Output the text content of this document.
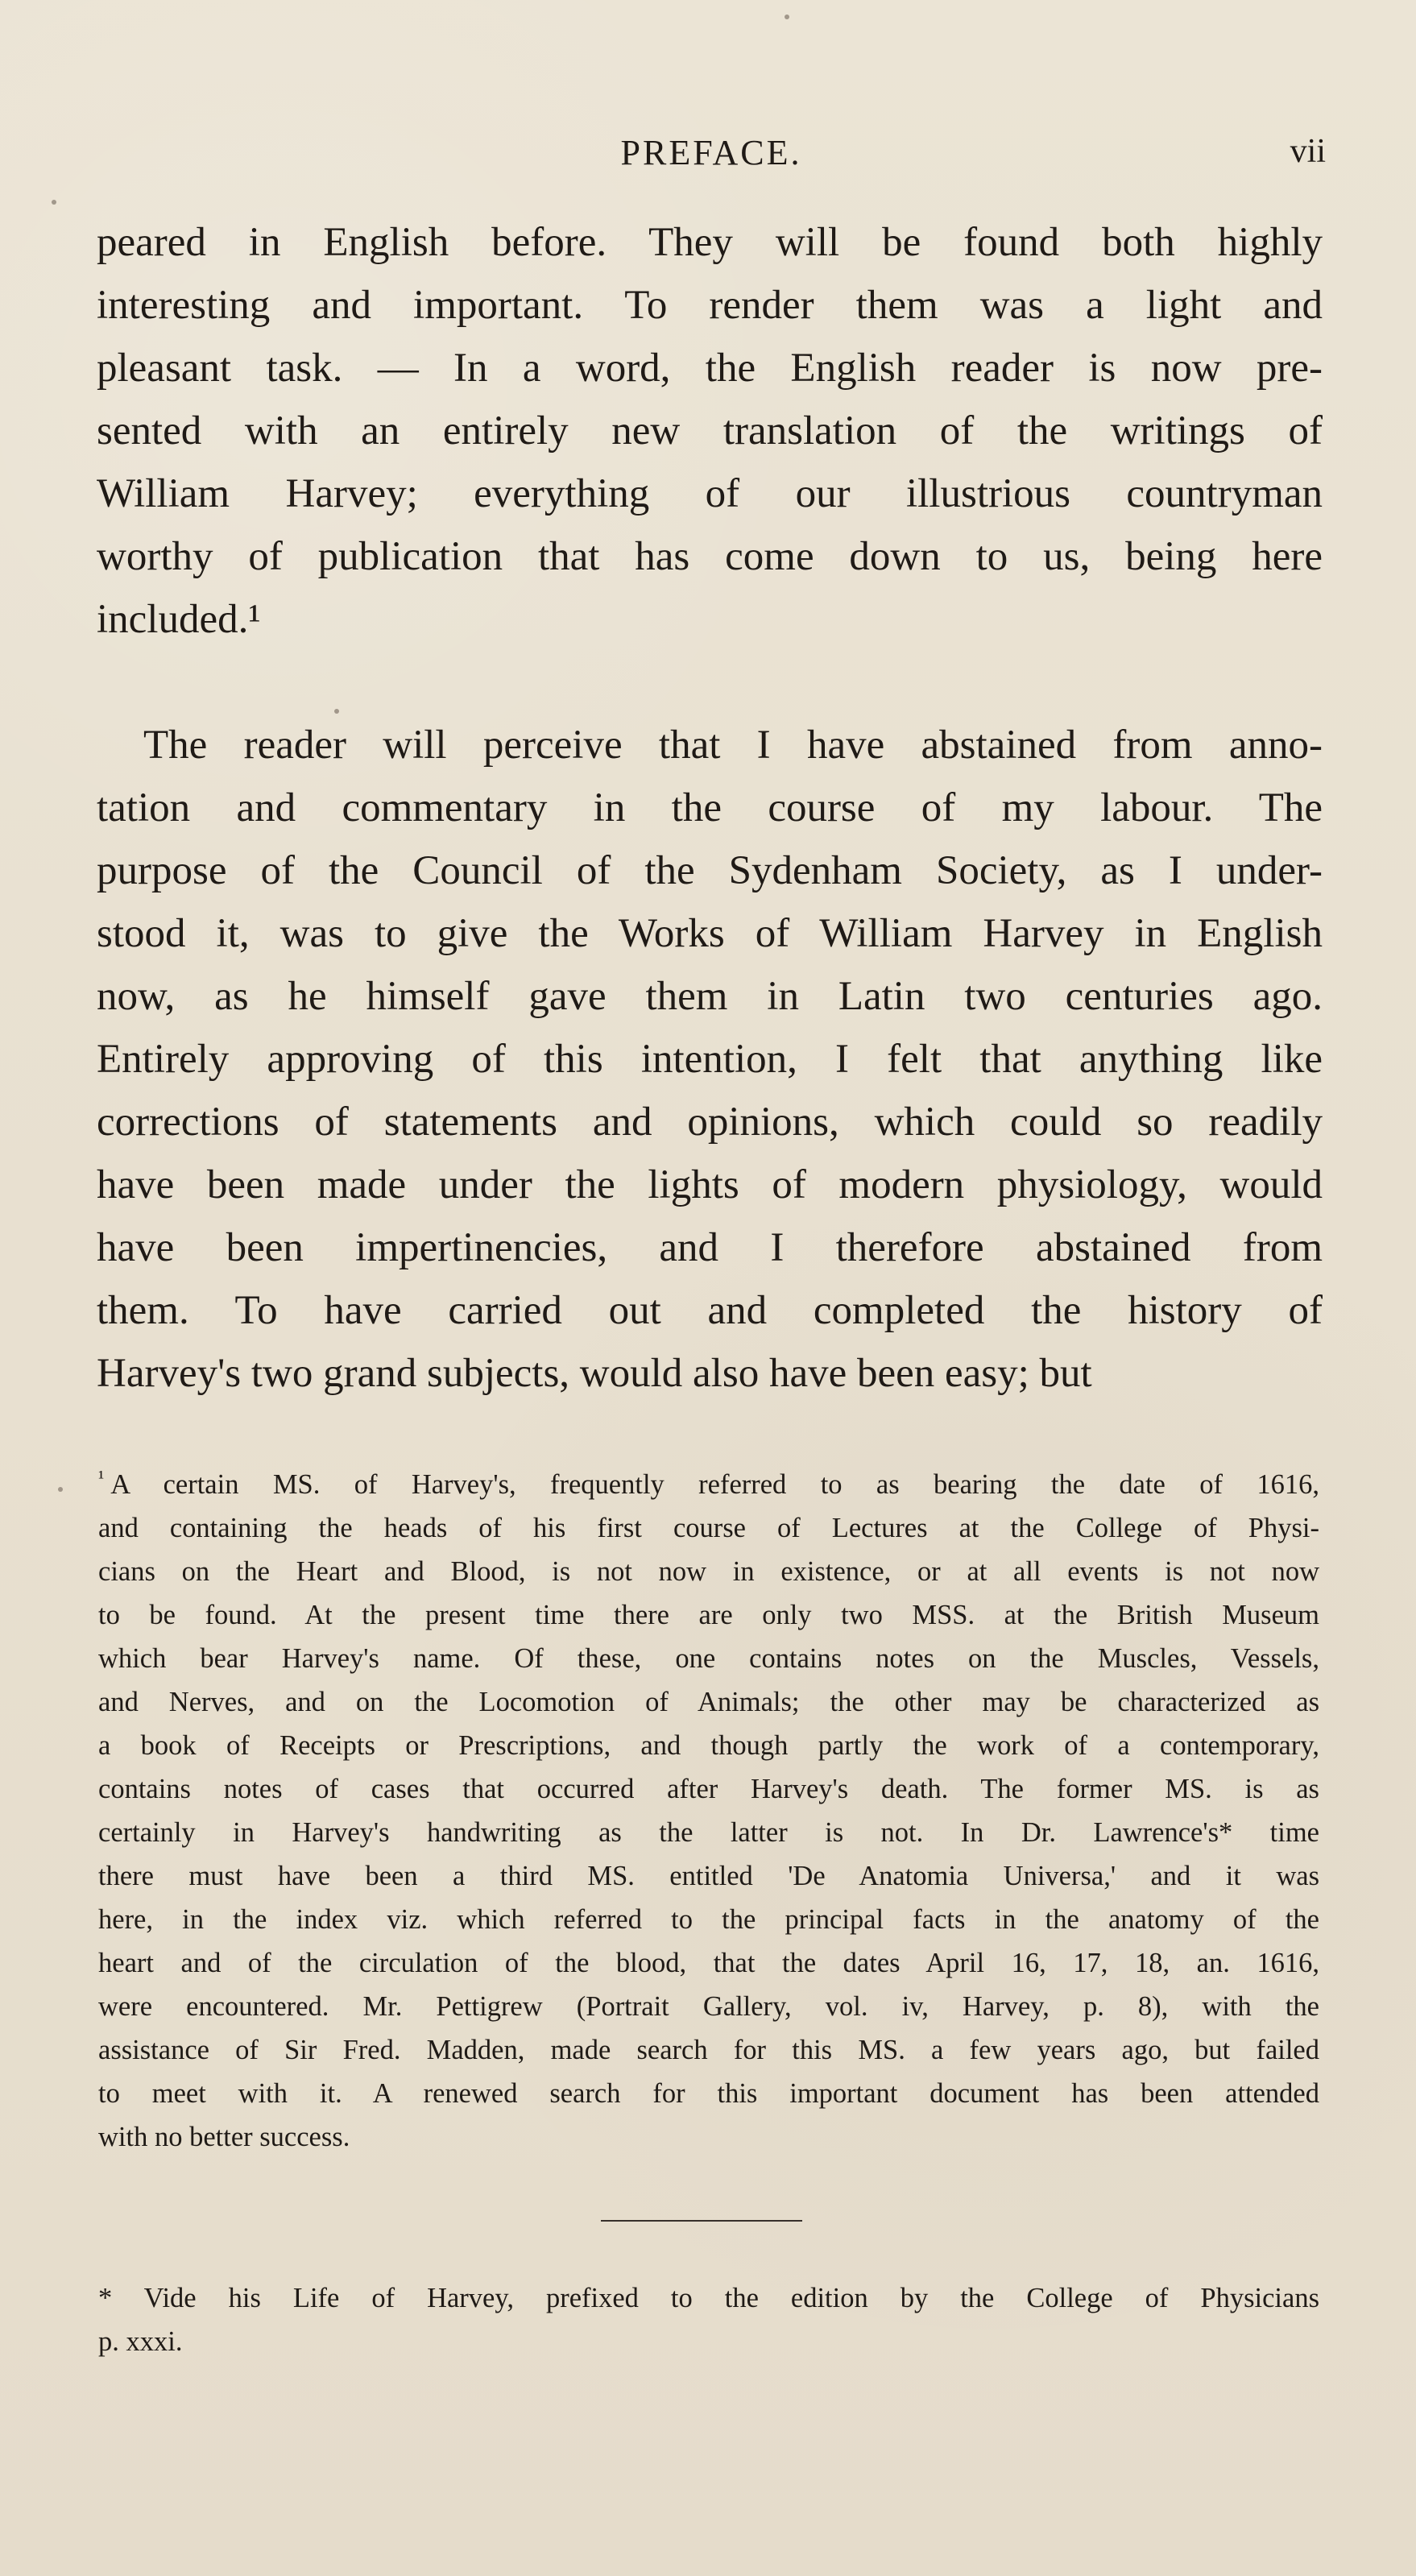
PREFACE.	vii
peared in English before. They will be found both highly
interesting and important. To render them was a light and
pleasant task. — In a word, the English reader is now pre-
sented with an entirely new translation of the writings of
William Harvey; everything of our illustrious countryman
worthy of publication that has come down to us, being here
included.¹
The reader will perceive that I have abstained from anno-
tation and commentary in the course of my labour. The
purpose of the Council of the Sydenham Society, as I under-
stood it, was to give the Works of William Harvey in English
now, as he himself gave them in Latin two centuries ago.
Entirely approving of this intention, I felt that anything like
corrections of statements and opinions, which could so readily
have been made under the lights of modern physiology, would
have been impertinencies, and I therefore abstained from
them. To have carried out and completed the history of
Harvey's two grand subjects, would also have been easy; but
$^{^1}$ A certain MS. of Harvey's, frequently referred to as bearing the date of 1616,
and containing the heads of his first course of Lectures at the College of Physi-
cians on the Heart and Blood, is not now in existence, or at all events is not now
to be found. At the present time there are only two MSS. at the British Museum
which bear Harvey's name. Of these, one contains notes on the Muscles, Vessels,
and Nerves, and on the Locomotion of Animals; the other may be characterized as
a book of Receipts or Prescriptions, and though partly the work of a contemporary,
contains notes of cases that occurred after Harvey's death. The former MS. is as
certainly in Harvey's handwriting as the latter is not. In Dr. Lawrence's* time
there must have been a third MS. entitled 'De Anatomia Universa,' and it was
here, in the index viz. which referred to the principal facts in the anatomy of the
heart and of the circulation of the blood, that the dates April 16, 17, 18, an. 1616,
were encountered. Mr. Pettigrew (Portrait Gallery, vol. iv, Harvey, p. 8), with the
assistance of Sir Fred. Madden, made search for this MS. a few years ago, but failed
to meet with it. A renewed search for this important document has been attended
with no better success.
* Vide his Life of Harvey, prefixed to the edition by the College of Physicians
p. xxxi.
